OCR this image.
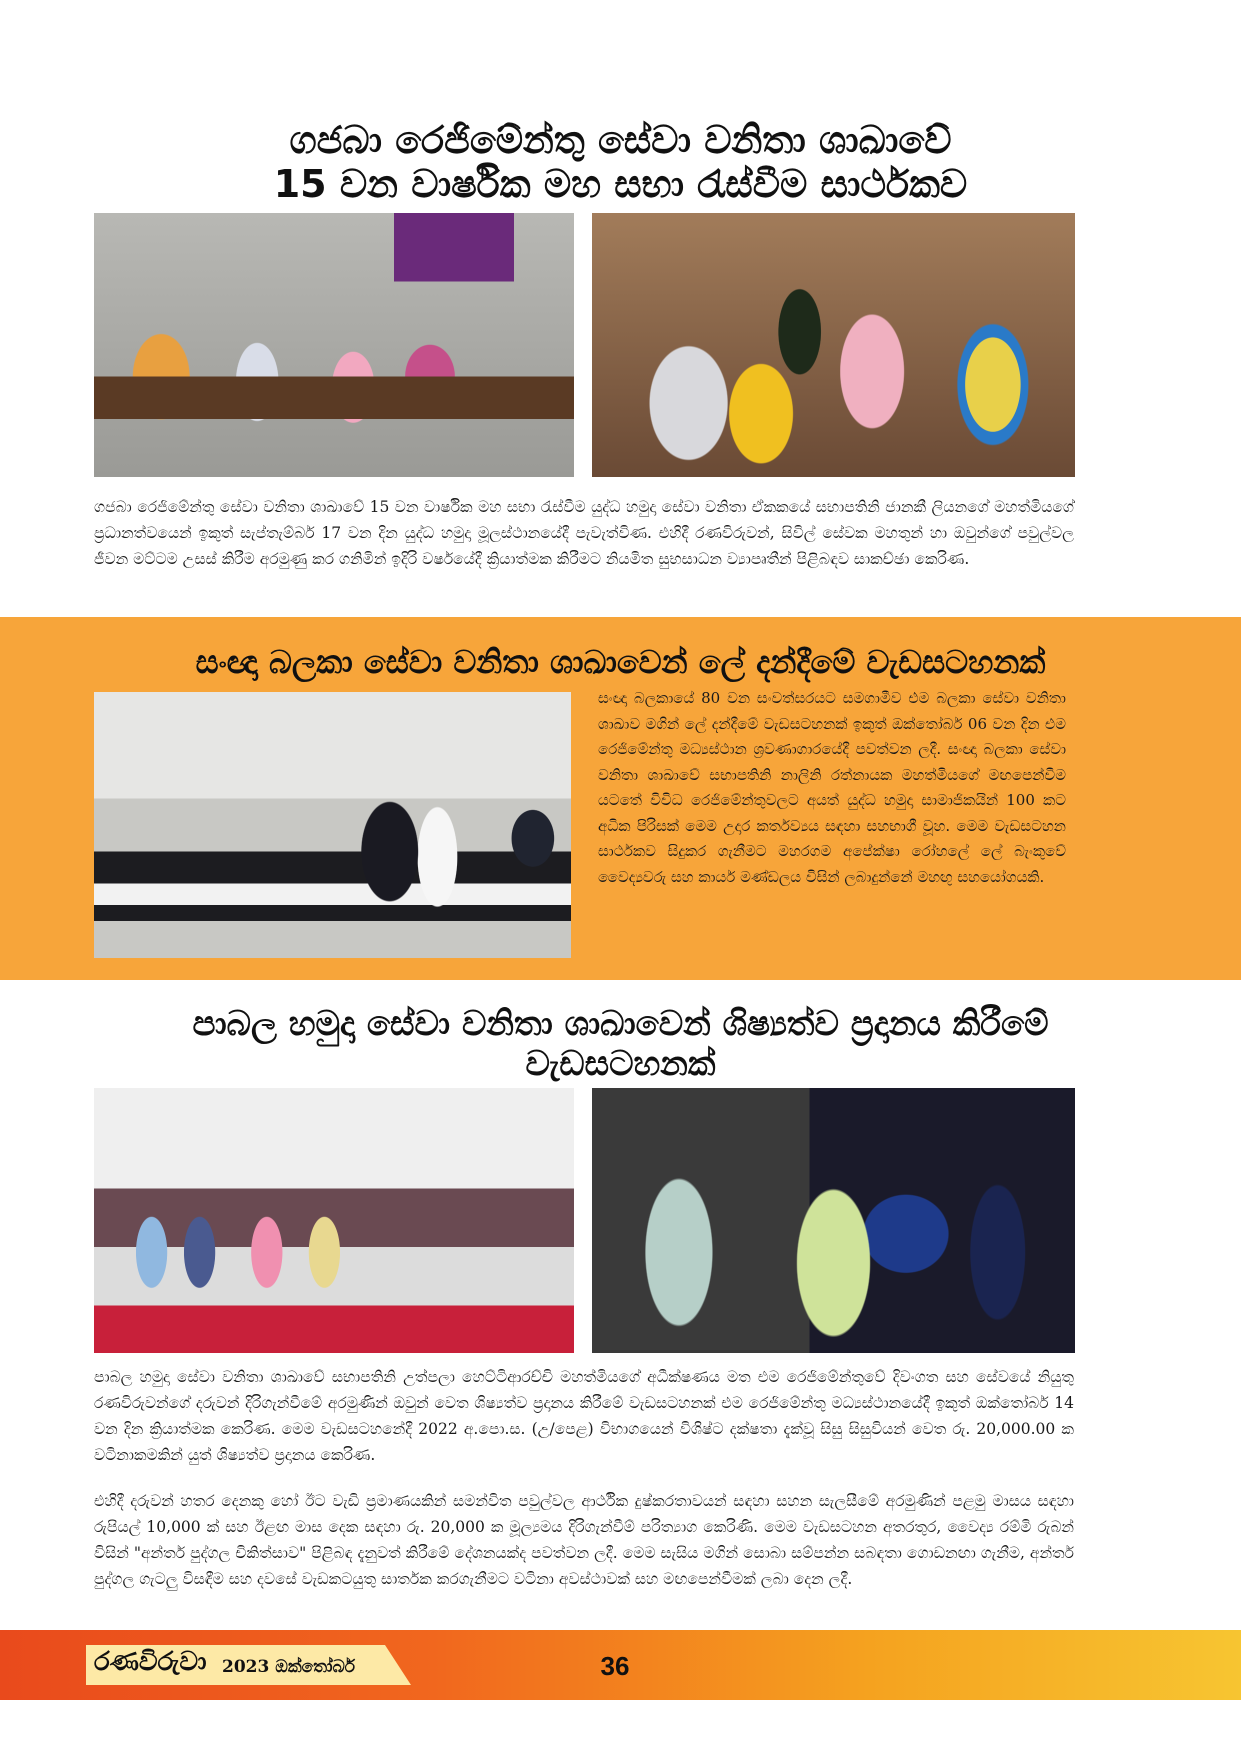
ගජබා රෙජිමේන්තු සේවා වනිතා ශාඛාවේ
15 වන වාර්ෂික මහ සභා රැස්වීම සාර්ථකව

ගජබා රෙජිමේන්තු සේවා වනිතා ශාඛාවේ 15 වන වාර්ෂික මහ සභා රැස්වීම යුද්ධ හමුදා සේවා වනිතා ඒකකයේ සභාපතිනි ජානකී ලියනගේ මහත්මියගේ ප්‍රධානත්වයෙන් ඉකුත් සැප්තැම්බර් 17 වන දින යුද්ධ හමුදා මූලස්ථානයේදී පැවැත්විණ. එහිදී රණවිරුවන්, සිවිල් සේවක මහතුන් හා ඔවුන්ගේ පවුල්වල ජීවන මට්ටම උසස් කිරීම අරමුණු කර ගනිමින් ඉදිරි වර්ෂයේදී ක්‍රියාත්මක කිරීමට නියමිත සුභසාධන ව්‍යාපෘතීන් පිළිබඳව සාකච්ඡා කෙරිණ.

සංඥා බලකා සේවා වනිතා ශාඛාවෙන් ලේ දන්දීමේ වැඩසටහනක්

සංඥා බලකායේ 80 වන සංවත්සරයට සමගාමීව එම බලකා සේවා වනිතා ශාඛාව මගින් ලේ දන්දීමේ වැඩසටහනක් ඉකුත් ඔක්තෝබර් 06 වන දින එම රෙජිමේන්තු මධ්‍යස්ථාන ශ්‍රවණාගාරයේදී පවත්වන ලදී. සංඥා බලකා සේවා වනිතා ශාඛාවේ සභාපතිනි නාලිනි රත්නායක මහත්මියගේ මඟපෙන්වීම යටතේ විවිධ රෙජිමේන්තුවලට අයත් යුද්ධ හමුදා සාමාජිකයින් 100 කට අධික පිරිසක් මෙම උදාර කර්තව්‍යය සඳහා සහභාගී වූහ. මෙම වැඩසටහන සාර්ථකව සිදුකර ගැනීමට මහරගම අපේක්ෂා රෝහලේ ලේ බැංකුවේ වෛද්‍යවරු සහ කාර්ය මණ්ඩලය විසින් ලබාදුන්නේ මහඟු සහයෝගයකි.

පාබල හමුදා සේවා වනිතා ශාඛාවෙන් ශිෂ්‍යත්ව ප්‍රදානය කිරීමේ
වැඩසටහනක්

පාබල හමුදා සේවා වනිතා ශාඛාවේ සභාපතිනි උත්පලා හෙට්ටිආරච්චි මහත්මියගේ අධීක්ෂණය මත එම රෙජිමේන්තුවේ දිවංගත සහ සේවයේ නියුතු රණවිරුවන්ගේ දරුවන් දිරිගැන්වීමේ අරමුණින් ඔවුන් වෙත ශිෂ්‍යත්ව ප්‍රදානය කිරීමේ වැඩසටහනක් එම රෙජිමේන්තු මධ්‍යස්ථානයේදී ඉකුත් ඔක්තෝබර් 14 වන දින ක්‍රියාත්මක කෙරිණ. මෙම වැඩසටහනේදී 2022 අ.පො.ස. (උ/පෙළ) විභාගයෙන් විශිෂ්ට දක්ෂතා දැක්වූ සිසු සිසුවියන් වෙත රු. 20,000.00 ක වටිනාකමකින් යුත් ශිෂ්‍යත්ව ප්‍රදානය කෙරිණ.

එහිදී දරුවන් හතර දෙනකු හෝ ඊට වැඩි ප්‍රමාණයකින් සමන්විත පවුල්වල ආර්ථික දුෂ්කරතාවයන් සඳහා සහන සැලසීමේ අරමුණින් පළමු මාසය සඳහා රුපියල් 10,000 ක් සහ ඊළඟ මාස දෙක සඳහා රු. 20,000 ක මූල්‍යමය දිරිගැන්වීම් පරිත්‍යාග කෙරිණි. මෙම වැඩසටහන අතරතුර, වෛද්‍ය රම්මි රුබන් විසින් "අන්තර් පුද්ගල චිකිත්සාව" පිළිබඳ දැනුවත් කිරීමේ දේශනයක්ද පවත්වන ලදී. මෙම සැසිය මගින් සොබා සම්පන්න සබඳතා ගොඩනඟා ගැනීම, අන්තර් පුද්ගල ගැටලු විසඳීම සහ දවසේ වැඩකටයුතු සාර්තක කරගැනීමට වටිනා අවස්ථාවක් සහ මඟපෙන්වීමක් ලබා දෙන ලදී.

රණවිරුවා 2023 ඔක්තෝබර්	36
